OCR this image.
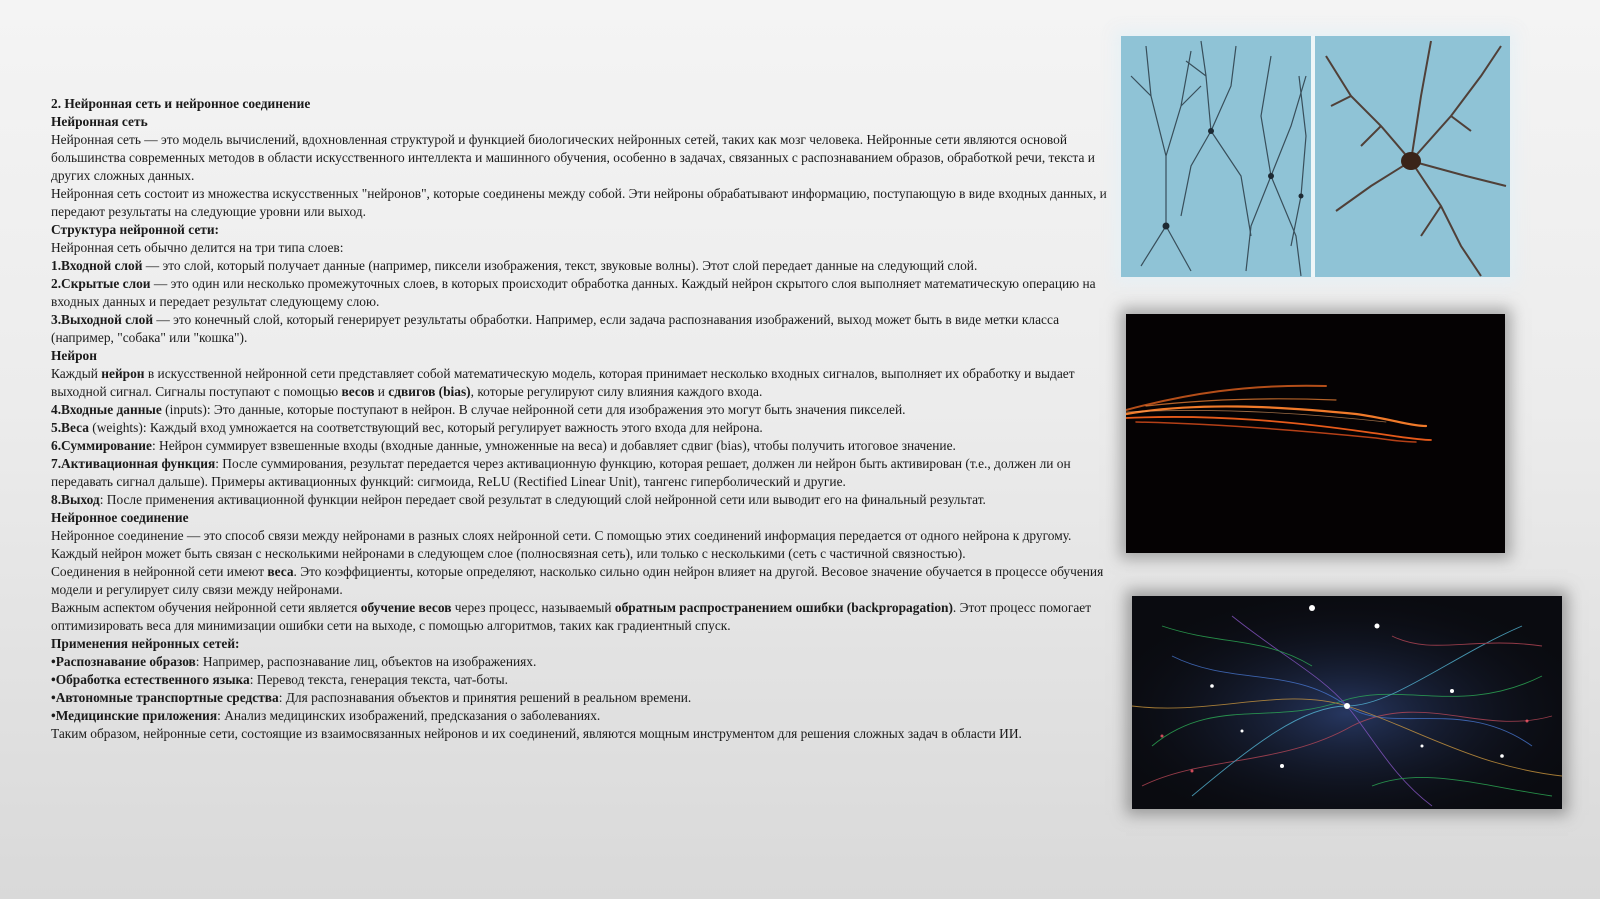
2. Нейронная сеть и нейронное соединение

Нейронная сеть

Нейронная сеть — это модель вычислений, вдохновленная структурой и функцией биологических нейронных сетей, таких как мозг человека. Нейронные сети являются основой большинства современных методов в области искусственного интеллекта и машинного обучения, особенно в задачах, связанных с распознаванием образов, обработкой речи, текста и других сложных данных.

Нейронная сеть состоит из множества искусственных "нейронов", которые соединены между собой. Эти нейроны обрабатывают информацию, поступающую в виде входных данных, и передают результаты на следующие уровни или выход.

Структура нейронной сети:

Нейронная сеть обычно делится на три типа слоев:

1.Входной слой — это слой, который получает данные (например, пиксели изображения, текст, звуковые волны). Этот слой передает данные на следующий слой.

2.Скрытые слои — это один или несколько промежуточных слоев, в которых происходит обработка данных. Каждый нейрон скрытого слоя выполняет математическую операцию на входных данных и передает результат следующему слою.

3.Выходной слой — это конечный слой, который генерирует результаты обработки. Например, если задача распознавания изображений, выход может быть в виде метки класса (например, "собака" или "кошка").

Нейрон

Каждый нейрон в искусственной нейронной сети представляет собой математическую модель, которая принимает несколько входных сигналов, выполняет их обработку и выдает выходной сигнал. Сигналы поступают с помощью весов и сдвигов (bias), которые регулируют силу влияния каждого входа.

4.Входные данные (inputs): Это данные, которые поступают в нейрон. В случае нейронной сети для изображения это могут быть значения пикселей.

5.Веса (weights): Каждый вход умножается на соответствующий вес, который регулирует важность этого входа для нейрона.

6.Суммирование: Нейрон суммирует взвешенные входы (входные данные, умноженные на веса) и добавляет сдвиг (bias), чтобы получить итоговое значение.

7.Активационная функция: После суммирования, результат передается через активационную функцию, которая решает, должен ли нейрон быть активирован (т.е., должен ли он передавать сигнал дальше). Примеры активационных функций: сигмоида, ReLU (Rectified Linear Unit), тангенс гиперболический и другие.

8.Выход: После применения активационной функции нейрон передает свой результат в следующий слой нейронной сети или выводит его на финальный результат.

Нейронное соединение

Нейронное соединение — это способ связи между нейронами в разных слоях нейронной сети. С помощью этих соединений информация передается от одного нейрона к другому. Каждый нейрон может быть связан с несколькими нейронами в следующем слое (полносвязная сеть), или только с несколькими (сеть с частичной связностью).

Соединения в нейронной сети имеют веса. Это коэффициенты, которые определяют, насколько сильно один нейрон влияет на другой. Весовое значение обучается в процессе обучения модели и регулирует силу связи между нейронами.

Важным аспектом обучения нейронной сети является обучение весов через процесс, называемый обратным распространением ошибки (backpropagation). Этот процесс помогает оптимизировать веса для минимизации ошибки сети на выходе, с помощью алгоритмов, таких как градиентный спуск.

Применения нейронных сетей:

•Распознавание образов: Например, распознавание лиц, объектов на изображениях.

•Обработка естественного языка: Перевод текста, генерация текста, чат-боты.

•Автономные транспортные средства: Для распознавания объектов и принятия решений в реальном времени.

•Медицинские приложения: Анализ медицинских изображений, предсказания о заболеваниях.

Таким образом, нейронные сети, состоящие из взаимосвязанных нейронов и их соединений, являются мощным инструментом для решения сложных задач в области ИИ.
